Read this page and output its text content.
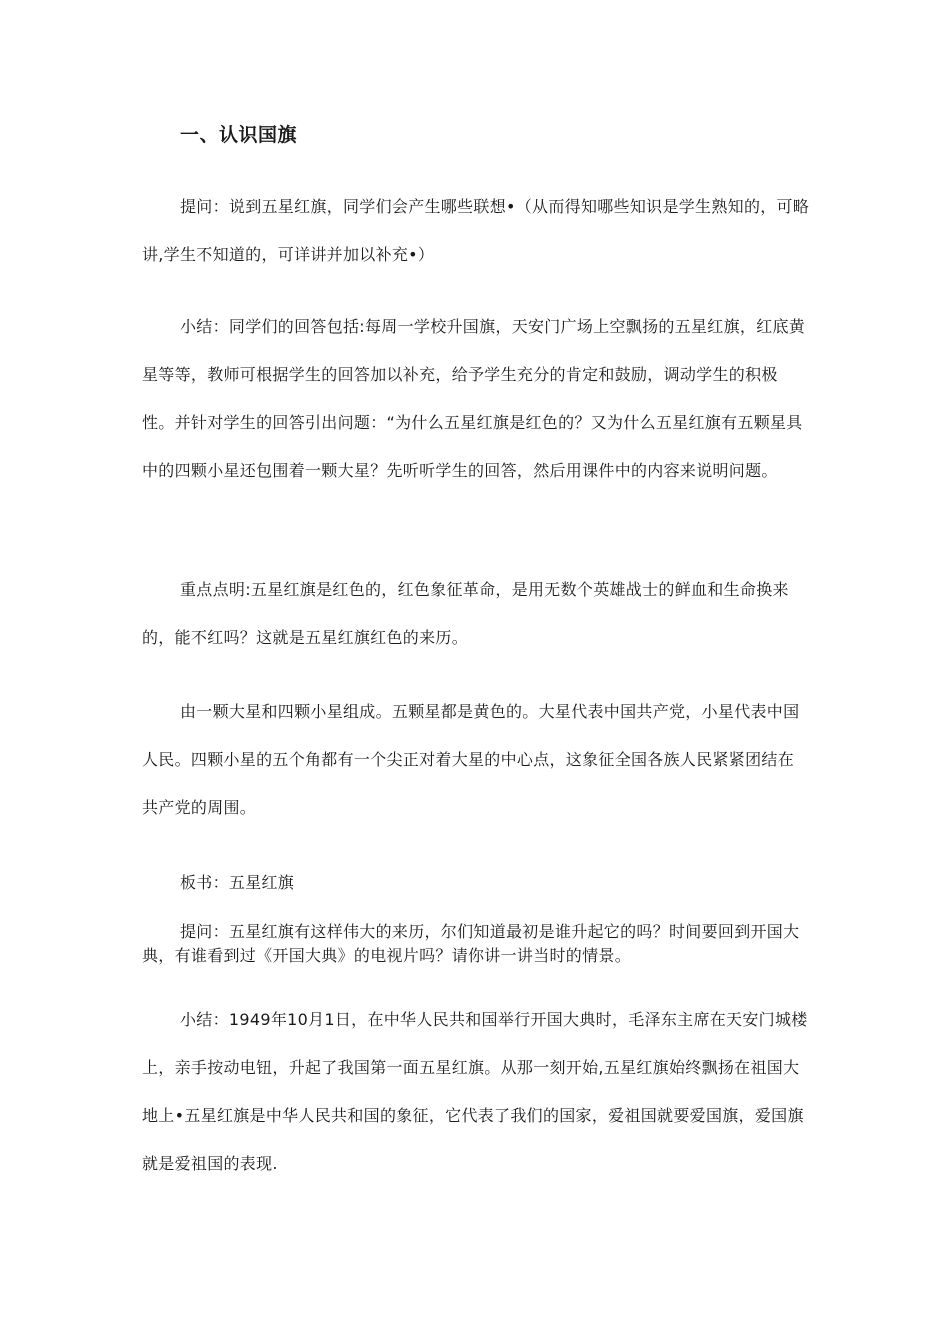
一、认识国旗

提问：说到五星红旗，同学们会产生哪些联想•（从而得知哪些知识是学生熟知的，可略讲,学生不知道的，可详讲并加以补充•）

小结：同学们的回答包括:每周一学校升国旗，天安门广场上空飘扬的五星红旗，红底黄星等等，教师可根据学生的回答加以补充，给予学生充分的肯定和鼓励，调动学生的积极性。并针对学生的回答引出问题：“为什么五星红旗是红色的？又为什么五星红旗有五颗星具中的四颗小星还包围着一颗大星？先听听学生的回答，然后用课件中的内容来说明问题。

重点点明:五星红旗是红色的，红色象征革命，是用无数个英雄战士的鲜血和生命换来的，能不红吗？这就是五星红旗红色的来历。

由一颗大星和四颗小星组成。五颗星都是黄色的。大星代表中国共产党，小星代表中国人民。四颗小星的五个角都有一个尖正对着大星的中心点，这象征全国各族人民紧紧团结在共产党的周围。

板书：五星红旗

提问：五星红旗有这样伟大的来历，尔们知道最初是谁升起它的吗？时间要回到开国大典，有谁看到过《开国大典》的电视片吗？请你讲一讲当时的情景。

小结：1949年10月1日，在中华人民共和国举行开国大典时，毛泽东主席在天安门城楼上，亲手按动电钮，升起了我国第一面五星红旗。从那一刻开始,五星红旗始终飘扬在祖国大地上•五星红旗是中华人民共和国的象征，它代表了我们的国家，爱祖国就要爱国旗，爱国旗就是爱祖国的表现.
